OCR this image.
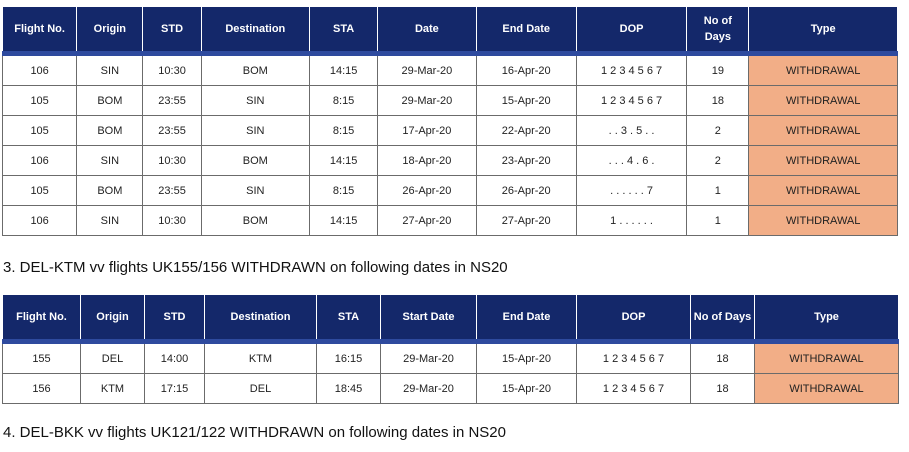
Flight No.	Origin	STD	Destination	STA	Date	End Date	DOP	No of Days	Type
106	SIN	10:30	BOM	14:15	29-Mar-20	16-Apr-20	1 2 3 4 5 6 7	19	WITHDRAWAL
105	BOM	23:55	SIN	8:15	29-Mar-20	15-Apr-20	1 2 3 4 5 6 7	18	WITHDRAWAL
105	BOM	23:55	SIN	8:15	17-Apr-20	22-Apr-20	. . 3 . 5 . .	2	WITHDRAWAL
106	SIN	10:30	BOM	14:15	18-Apr-20	23-Apr-20	. . . 4 . 6 .	2	WITHDRAWAL
105	BOM	23:55	SIN	8:15	26-Apr-20	26-Apr-20	. . . . . . 7	1	WITHDRAWAL
106	SIN	10:30	BOM	14:15	27-Apr-20	27-Apr-20	1 . . . . . .	1	WITHDRAWAL
3. DEL-KTM vv flights UK155/156 WITHDRAWN on following dates in NS20
Flight No.	Origin	STD	Destination	STA	Start Date	End Date	DOP	No of Days	Type
155	DEL	14:00	KTM	16:15	29-Mar-20	15-Apr-20	1 2 3 4 5 6 7	18	WITHDRAWAL
156	KTM	17:15	DEL	18:45	29-Mar-20	15-Apr-20	1 2 3 4 5 6 7	18	WITHDRAWAL
4. DEL-BKK vv flights UK121/122 WITHDRAWN on following dates in NS20
